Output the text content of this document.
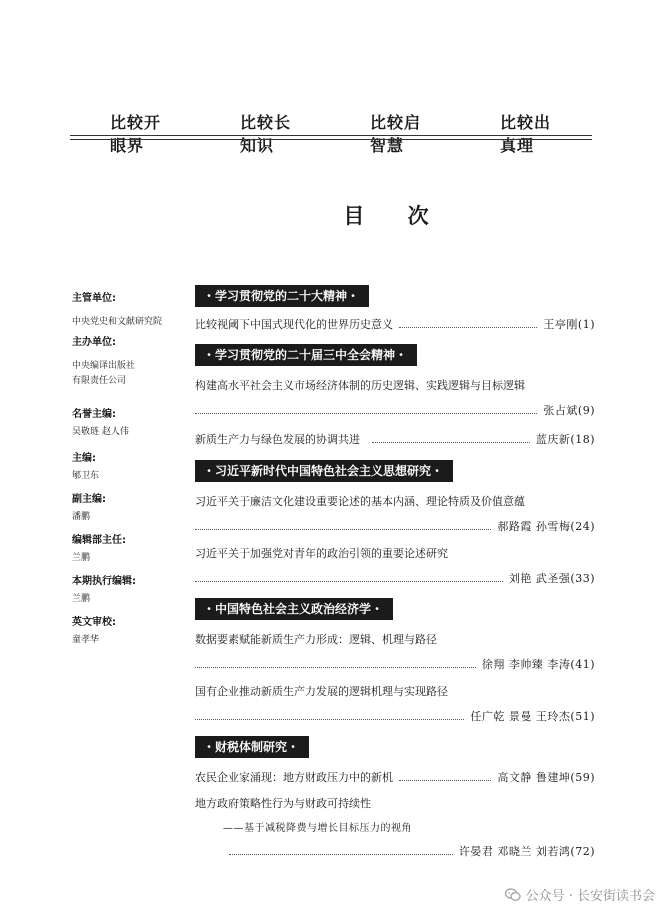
比较开眼界
比较长知识
比较启智慧
比较出真理
目 次
主管单位:
中央党史和文献研究院
主办单位:
中央编译出版社
有限责任公司
名誉主编:
吴敬琏 赵人伟
主编:
郇卫东
副主编:
潘鹏
编辑部主任:
兰鹏
本期执行编辑:
兰鹏
英文审校:
童孝华
・学习贯彻党的二十大精神・
比较视阈下中国式现代化的世界历史意义	王亭刚(1)
・学习贯彻党的二十届三中全会精神・
构建高水平社会主义市场经济体制的历史逻辑、实践逻辑与目标逻辑
张占斌(9)
新质生产力与绿色发展的协调共进	蓝庆新(18)
・习近平新时代中国特色社会主义思想研究・
习近平关于廉洁文化建设重要论述的基本内涵、理论特质及价值意蕴
郝路霞 孙雪梅(24)
习近平关于加强党对青年的政治引领的重要论述研究
刘艳 武圣强(33)
・中国特色社会主义政治经济学・
数据要素赋能新质生产力形成：逻辑、机理与路径
徐翔 李帅臻 李涛(41)
国有企业推动新质生产力发展的逻辑机理与实现路径
任广乾 景曼 王玲杰(51)
・财税体制研究・
农民企业家涌现：地方财政压力中的新机	高文静 鲁建坤(59)
地方政府策略性行为与财政可持续性
——基于减税降费与增长目标压力的视角
许晏君 邓晓兰 刘若鸿(72)
公众号 · 长安街读书会
